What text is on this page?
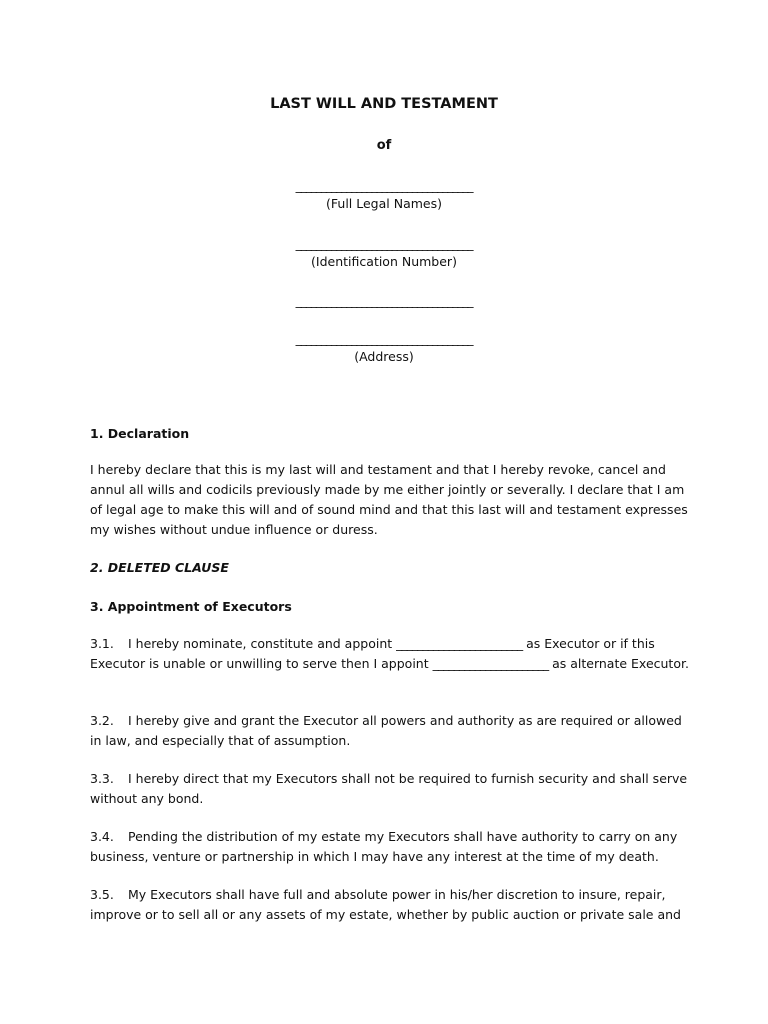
LAST WILL AND TESTAMENT
of
___________________________________
(Full Legal Names)
___________________________________
(Identification Number)
___________________________________
___________________________________
(Address)
1. Declaration
I hereby declare that this is my last will and testament and that I hereby revoke, cancel and annul all wills and codicils previously made by me either jointly or severally. I declare that I am of legal age to make this will and of sound mind and that this last will and testament expresses my wishes without undue influence or duress.
2. DELETED CLAUSE
3. Appointment of Executors
3.1. I hereby nominate, constitute and appoint ________________________ as Executor or if this Executor is unable or unwilling to serve then I appoint ______________________ as alternate Executor.
3.2. I hereby give and grant the Executor all powers and authority as are required or allowed in law, and especially that of assumption.
3.3. I hereby direct that my Executors shall not be required to furnish security and shall serve without any bond.
3.4. Pending the distribution of my estate my Executors shall have authority to carry on any business, venture or partnership in which I may have any interest at the time of my death.
3.5. My Executors shall have full and absolute power in his/her discretion to insure, repair, improve or to sell all or any assets of my estate, whether by public auction or private sale and
